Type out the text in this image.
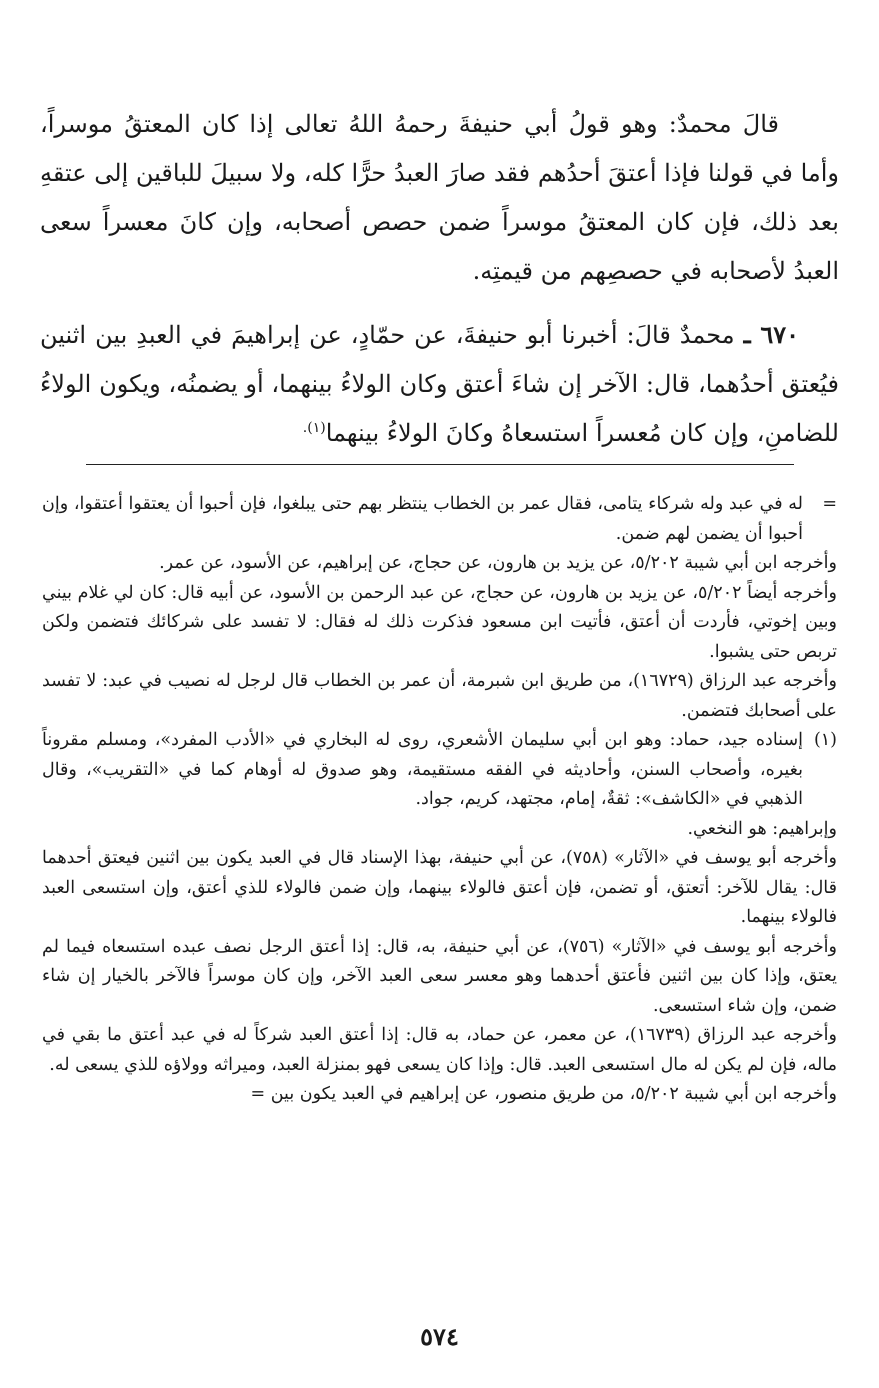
قالَ محمدٌ: وهو قولُ أبي حنيفةَ رحمهُ اللهُ تعالى إذا كان المعتقُ موسراً، وأما في قولنا فإذا أعتقَ أحدُهم فقد صارَ العبدُ حرًّا كله، ولا سبيلَ للباقين إلى عتقهِ بعد ذلك، فإن كان المعتقُ موسراً ضمن حصص أصحابه، وإن كانَ معسراً سعى العبدُ لأصحابه في حصصِهم من قيمتِه.

٦٧٠ ـ محمدٌ قالَ: أخبرنا أبو حنيفةَ، عن حمّادٍ، عن إبراهيمَ في العبدِ بين اثنين فيُعتق أحدُهما، قال: الآخر إن شاءَ أعتق وكان الولاءُ بينهما، أو يضمنُه، ويكون الولاءُ للضامنِ، وإن كان مُعسراً استسعاهُ وكانَ الولاءُ بينهما$^{(١).}$

=
له في عبد وله شركاء يتامى، فقال عمر بن الخطاب ينتظر بهم حتى يبلغوا، فإن أحبوا أن يعتقوا أعتقوا، وإن أحبوا أن يضمن لهم ضمن.

وأخرجه ابن أبي شيبة ٥/٢٠٢، عن يزيد بن هارون، عن حجاج، عن إبراهيم، عن الأسود، عن عمر.

وأخرجه أيضاً ٥/٢٠٢، عن يزيد بن هارون، عن حجاج، عن عبد الرحمن بن الأسود، عن أبيه قال: كان لي غلام بيني وبين إخوتي، فأردت أن أعتق، فأتيت ابن مسعود فذكرت ذلك له فقال: لا تفسد على شركائك فتضمن ولكن تربص حتى يشبوا.

وأخرجه عبد الرزاق (١٦٧٢٩)، من طريق ابن شبرمة، أن عمر بن الخطاب قال لرجل له نصيب في عبد: لا تفسد على أصحابك فتضمن.

(١)
إسناده جيد، حماد: وهو ابن أبي سليمان الأشعري، روى له البخاري في «الأدب المفرد»، ومسلم مقروناً بغيره، وأصحاب السنن، وأحاديثه في الفقه مستقيمة، وهو صدوق له أوهام كما في «التقريب»، وقال الذهبي في «الكاشف»: ثقةٌ، إمام، مجتهد، كريم، جواد.

وإبراهيم: هو النخعي.

وأخرجه أبو يوسف في «الآثار» (٧٥٨)، عن أبي حنيفة، بهذا الإسناد قال في العبد يكون بين اثنين فيعتق أحدهما قال: يقال للآخر: أتعتق، أو تضمن، فإن أعتق فالولاء بينهما، وإن ضمن فالولاء للذي أعتق، وإن استسعى العبد فالولاء بينهما.

وأخرجه أبو يوسف في «الآثار» (٧٥٦)، عن أبي حنيفة، به، قال: إذا أعتق الرجل نصف عبده استسعاه فيما لم يعتق، وإذا كان بين اثنين فأعتق أحدهما وهو معسر سعى العبد الآخر، وإن كان موسراً فالآخر بالخيار إن شاء ضمن، وإن شاء استسعى.

وأخرجه عبد الرزاق (١٦٧٣٩)، عن معمر، عن حماد، به قال: إذا أعتق العبد شركاً له في عبد أعتق ما بقي في ماله، فإن لم يكن له مال استسعى العبد. قال: وإذا كان يسعى فهو بمنزلة العبد، وميراثه وولاؤه للذي يسعى له.

وأخرجه ابن أبي شيبة ٥/٢٠٢، من طريق منصور، عن إبراهيم في العبد يكون بين =

٥٧٤
